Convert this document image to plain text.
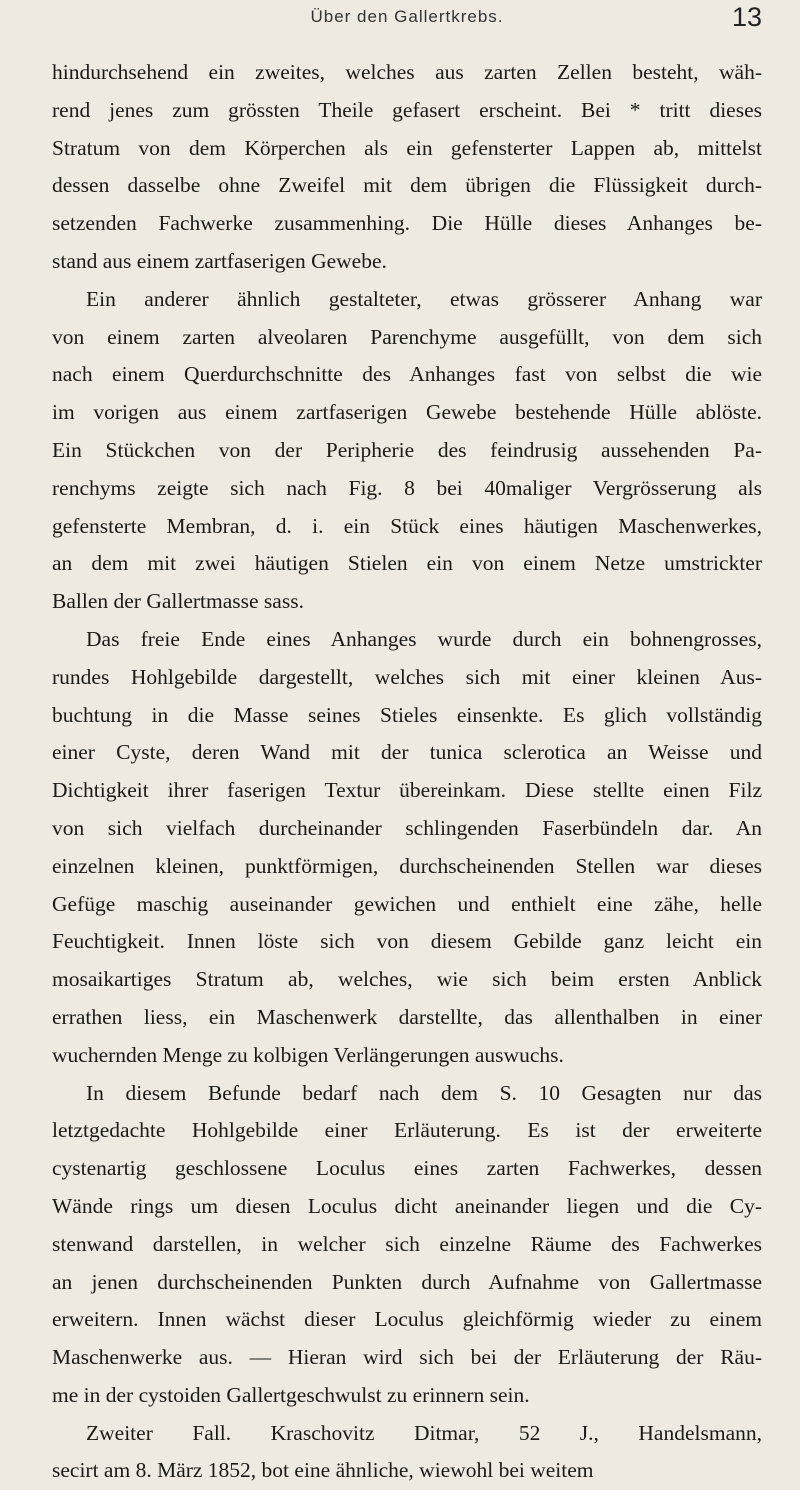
Über den Gallertkrebs.	13
hindurchsehend ein zweites, welches aus zarten Zellen besteht, wäh-
rend jenes zum grössten Theile gefasert erscheint. Bei * tritt dieses
Stratum von dem Körperchen als ein gefensterter Lappen ab, mittelst
dessen dasselbe ohne Zweifel mit dem übrigen die Flüssigkeit durch-
setzenden Fachwerke zusammenhing. Die Hülle dieses Anhanges be-
stand aus einem zartfaserigen Gewebe.
Ein anderer ähnlich gestalteter, etwas grösserer Anhang war
von einem zarten alveolaren Parenchyme ausgefüllt, von dem sich
nach einem Querdurchschnitte des Anhanges fast von selbst die wie
im vorigen aus einem zartfaserigen Gewebe bestehende Hülle ablöste.
Ein Stückchen von der Peripherie des feindrusig aussehenden Pa-
renchyms zeigte sich nach Fig. 8 bei 40maliger Vergrösserung als
gefensterte Membran, d. i. ein Stück eines häutigen Maschenwerkes,
an dem mit zwei häutigen Stielen ein von einem Netze umstrickter
Ballen der Gallertmasse sass.
Das freie Ende eines Anhanges wurde durch ein bohnengrosses,
rundes Hohlgebilde dargestellt, welches sich mit einer kleinen Aus-
buchtung in die Masse seines Stieles einsenkte. Es glich vollständig
einer Cyste, deren Wand mit der tunica sclerotica an Weisse und
Dichtigkeit ihrer faserigen Textur übereinkam. Diese stellte einen Filz
von sich vielfach durcheinander schlingenden Faserbündeln dar. An
einzelnen kleinen, punktförmigen, durchscheinenden Stellen war dieses
Gefüge maschig auseinander gewichen und enthielt eine zähe, helle
Feuchtigkeit. Innen löste sich von diesem Gebilde ganz leicht ein
mosaikartiges Stratum ab, welches, wie sich beim ersten Anblick
errathen liess, ein Maschenwerk darstellte, das allenthalben in einer
wuchernden Menge zu kolbigen Verlängerungen auswuchs.
In diesem Befunde bedarf nach dem S. 10 Gesagten nur das
letztgedachte Hohlgebilde einer Erläuterung. Es ist der erweiterte
cystenartig geschlossene Loculus eines zarten Fachwerkes, dessen
Wände rings um diesen Loculus dicht aneinander liegen und die Cy-
stenwand darstellen, in welcher sich einzelne Räume des Fachwerkes
an jenen durchscheinenden Punkten durch Aufnahme von Gallertmasse
erweitern. Innen wächst dieser Loculus gleichförmig wieder zu einem
Maschenwerke aus. — Hieran wird sich bei der Erläuterung der Räu-
me in der cystoiden Gallertgeschwulst zu erinnern sein.
Zweiter Fall. Kraschovitz Ditmar, 52 J., Handelsmann,
secirt am 8. März 1852, bot eine ähnliche, wiewohl bei weitem
